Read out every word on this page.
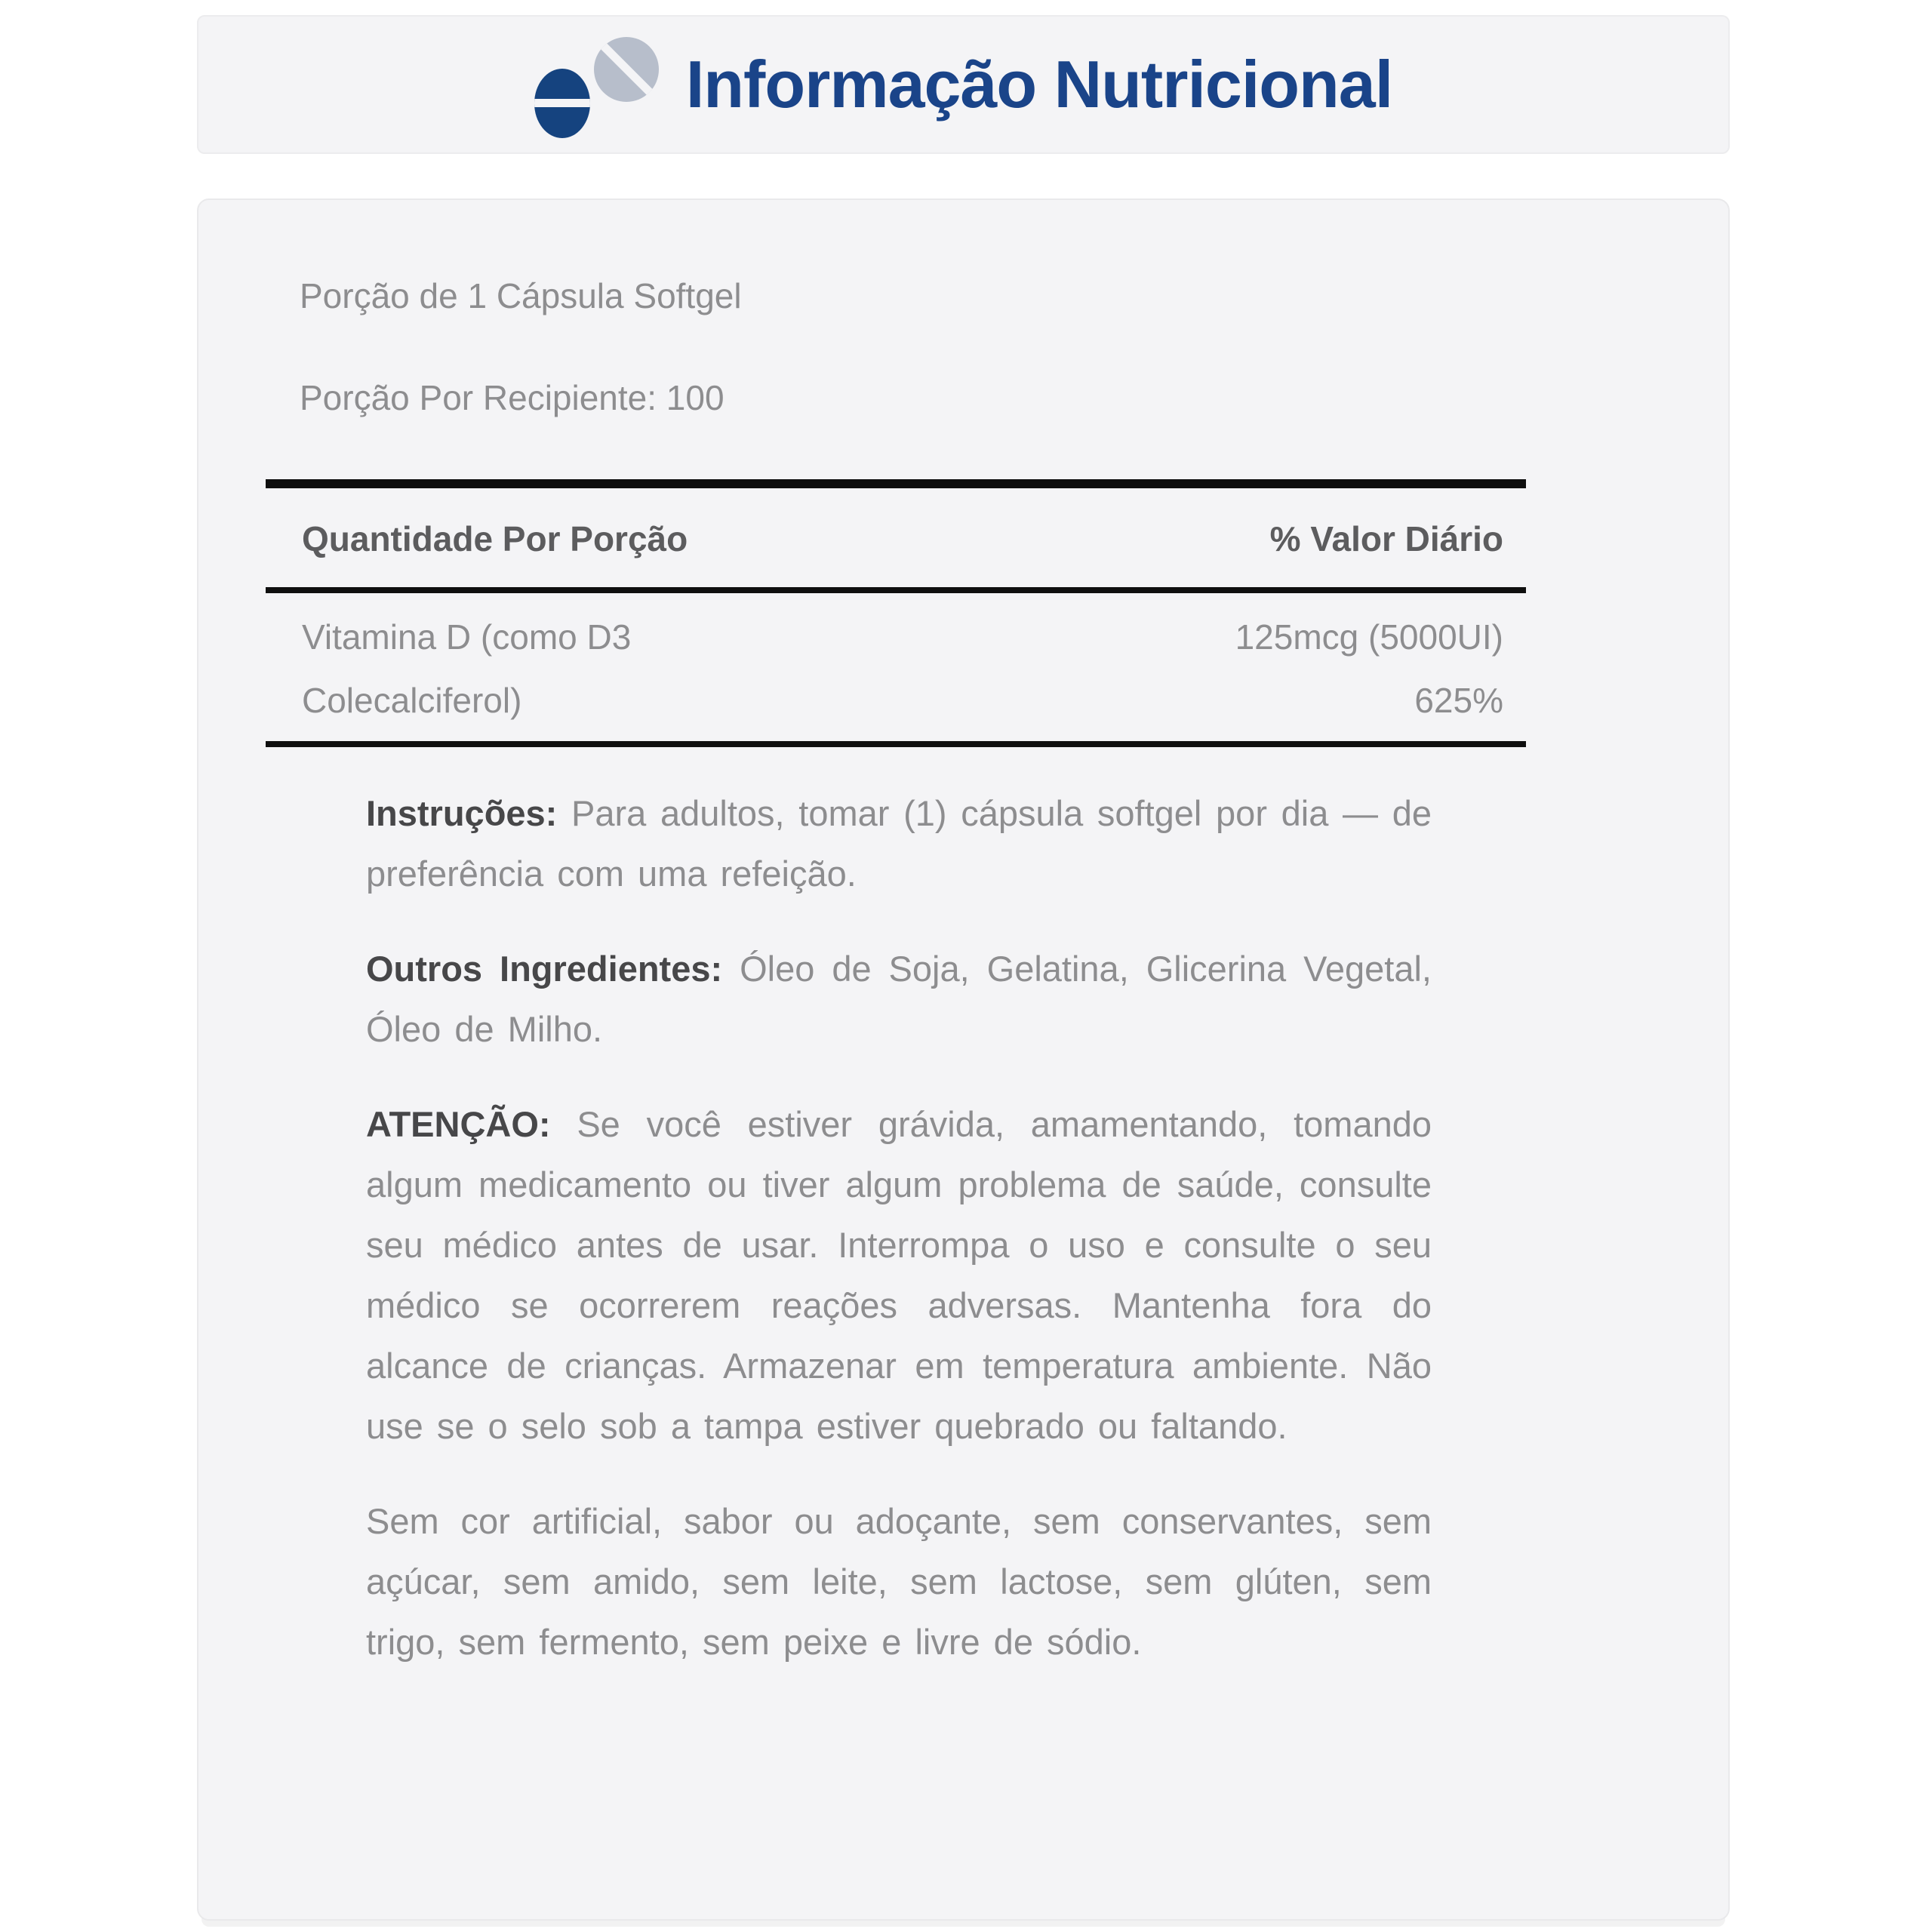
Informação Nutricional

Porção de 1 Cápsula Softgel

Porção Por Recipiente: 100

Quantidade Por Porção	% Valor Diário
Vitamina D (como D3
Colecalciferol)
125mcg (5000UI)
625%

Instruções: Para adultos, tomar (1) cápsula softgel por dia — de preferência com uma refeição.

Outros Ingredientes: Óleo de Soja, Gelatina, Glicerina Vegetal, Óleo de Milho.

ATENÇÃO: Se você estiver grávida, amamentando, tomando algum medicamento ou tiver algum problema de saúde, consulte seu médico antes de usar. Interrompa o uso e consulte o seu médico se ocorrerem reações adversas. Mantenha fora do alcance de crianças. Armazenar em temperatura ambiente. Não use se o selo sob a tampa estiver quebrado ou faltando.

Sem cor artificial, sabor ou adoçante, sem conservantes, sem açúcar, sem amido, sem leite, sem lactose, sem glúten, sem trigo, sem fermento, sem peixe e livre de sódio.
